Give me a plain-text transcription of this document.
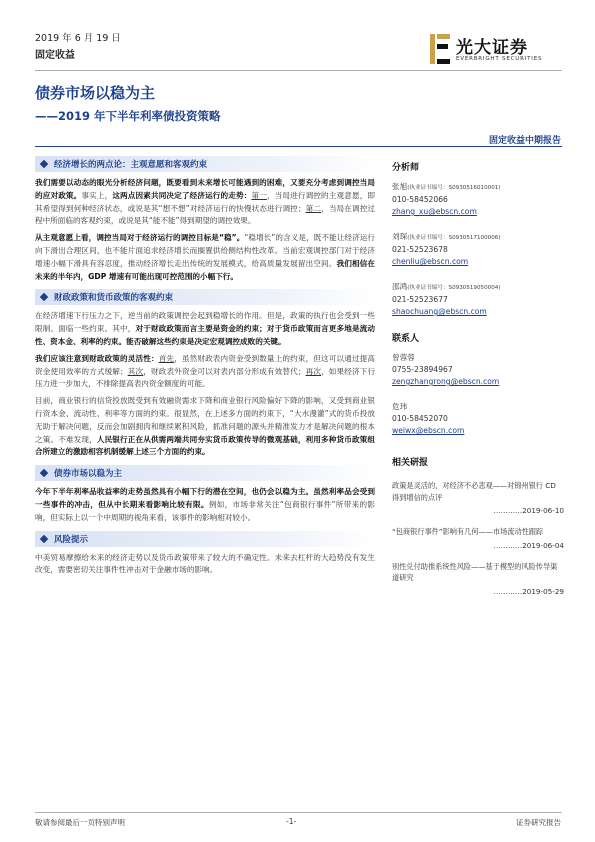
2019 年 6 月 19 日
固定收益	光大证券
EVERBRIGHT SECURITIES
债券市场以稳为主
——2019 年下半年利率债投资策略
固定收益中期报告
经济增长的两点论：主观意愿和客观约束

我们需要以动态的眼光分析经济问题，既要看到未来增长可能遇到的困难，又要充分考虑到调控当局的应对政策。事实上，这两点因素共同决定了经济运行的走势：第一，当局进行调控的主观意愿，即其希望得到何种经济状态，或说是其“想不想”对经济运行的快慢状态进行调控；第二，当局在调控过程中所面临的客观约束，或说是其“能不能”得到期望的调控效果。

从主观意愿上看，调控当局对于经济运行的调控目标是“稳”。“稳增长”的含义是，既不能让经济运行向下滑出合理区间，也不能片面追求经济增长而搁置供给侧结构性改革。当前宏观调控部门对于经济增速小幅下滑具有容忍度，推动经济增长走出传统的发展模式，给高质量发展留出空间。我们相信在未来的半年内，GDP 增速有可能出现可控范围的小幅下行。

财政政策和货币政策的客观约束

在经济增速下行压力之下，逆当前的政策调控会起到稳增长的作用。但是，政策的执行也会受到一些限制、面临一些约束。其中，对于财政政策而言主要是资金的约束；对于货币政策而言更多地是流动性、资本金、利率的约束。能否破解这些约束是决定宏观调控成败的关键。

我们应该注意到财政政策的灵活性：首先，虽然财政表内资金受到数量上的约束，但这可以通过提高资金使用效率的方式缓解；其次，财政表外资金可以对表内部分形成有效替代；再次，如果经济下行压力进一步加大，不排除提高表内资金额度的可能。

目前，商业银行的信贷投放既受到有效融资需求下降和商业银行风险偏好下降的影响，又受到商业银行资本金、流动性、利率等方面的约束。很显然，在上述多方面的约束下，“大水漫灌”式的货币投放无助于解决问题，反而会加剧拥肉和继续累积风险，抓准问题的源头并精准发力才是解决问题的根本之策。不难发现，人民银行正在从供需两端共同夯实货币政策传导的微观基础，利用多种货币政策组合所建立的激励相容机制缓解上述三个方面的约束。

债券市场以稳为主

今年下半年利率品收益率的走势虽然具有小幅下行的潜在空间，也仍会以稳为主。虽然利率品会受到一些事件的冲击，但从中长期来看影响比较有限。例如，市场非常关注“包商银行事件”所带来的影响，但实际上以一个中周期的视角来看，该事件的影响相对较小。

风险提示

中美贸易摩擦给未来的经济走势以及货币政策带来了较大的不确定性。未来去杠杆的大趋势没有发生改变，需要密切关注事件性冲击对于金融市场的影响。

分析师
张旭(执业证书编号：S0930516010001)
010-58452066
zhang_xu@ebscn.com
刘琛(执业证书编号：S0930517100006)
021-52523678
chenliu@ebscn.com
邵鸿(执业证书编号：S0930519050004)
021-52523677
shaochuang@ebscn.com
联系人
曾蓉蓉
0755-23894967
zengzhangrong@ebscn.com
危玮
010-58452070
weiwx@ebscn.com
相关研报
政策是灵活的，对经济不必悲观——对锦州银行 CD 得到增信的点评
…………2019-06-10
“包商银行事件”影响有几何——市场流动性跟踪
…………2019-06-04
别性兑付助推系统性风险——基于模型的风险传导渠道研究
…………2019-05-29
敬请参阅最后一页特别声明	-1-	证券研究报告
